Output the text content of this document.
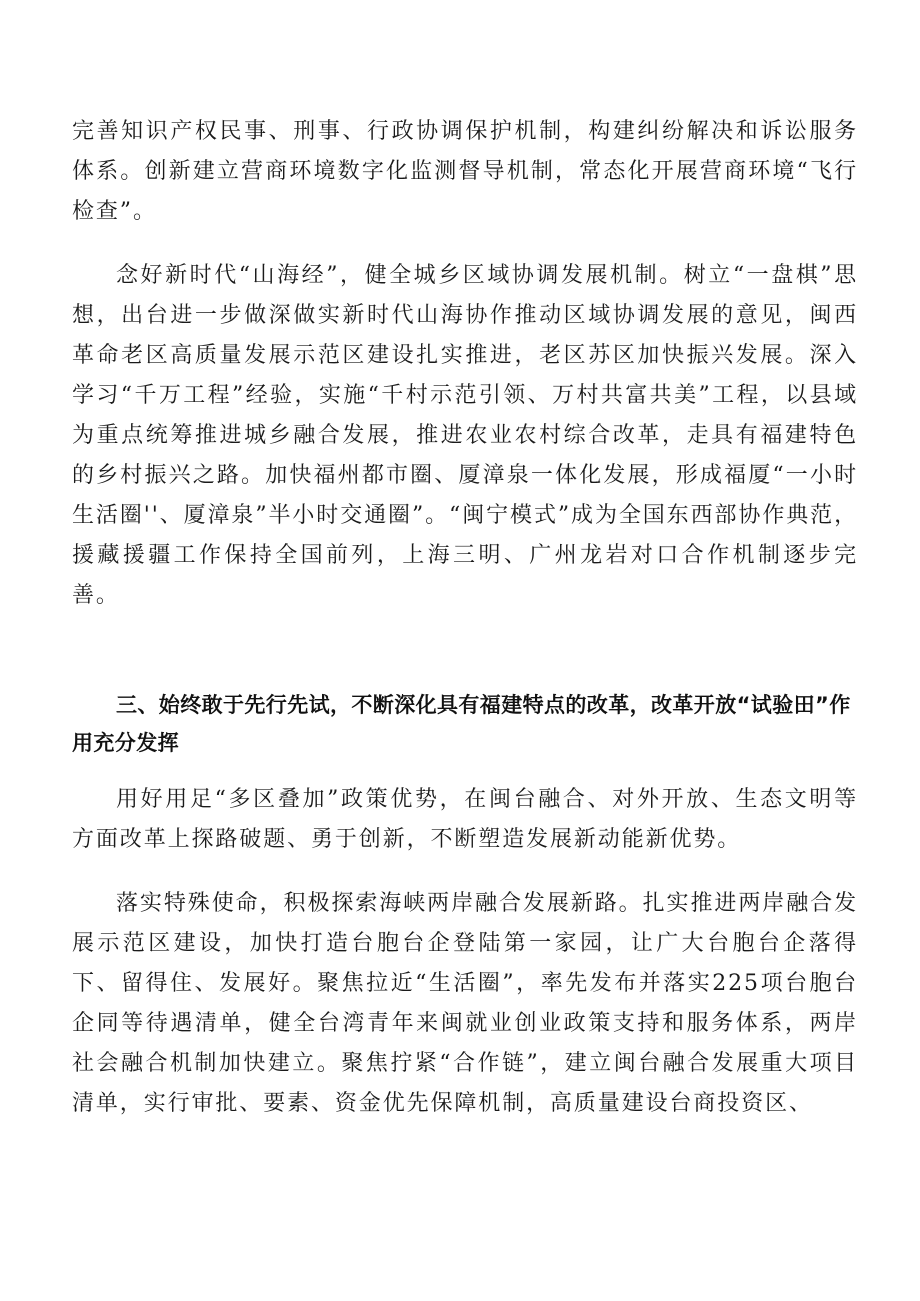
完善知识产权民事、刑事、行政协调保护机制，构建纠纷解决和诉讼服务体系。创新建立营商环境数字化监测督导机制，常态化开展营商环境“飞行检查”。

念好新时代“山海经”，健全城乡区域协调发展机制。树立“一盘棋”思想，出台进一步做深做实新时代山海协作推动区域协调发展的意见，闽西革命老区高质量发展示范区建设扎实推进，老区苏区加快振兴发展。深入学习“千万工程”经验，实施“千村示范引领、万村共富共美”工程，以县域为重点统筹推进城乡融合发展，推进农业农村综合改革，走具有福建特色的乡村振兴之路。加快福州都市圈、厦漳泉一体化发展，形成福厦“一小时生活圈''、厦漳泉”半小时交通圈”。“闽宁模式”成为全国东西部协作典范，援藏援疆工作保持全国前列，上海三明、广州龙岩对口合作机制逐步完善。

三、始终敢于先行先试，不断深化具有福建特点的改革，改革开放“试验田”作用充分发挥

用好用足“多区叠加”政策优势，在闽台融合、对外开放、生态文明等方面改革上探路破题、勇于创新，不断塑造发展新动能新优势。

落实特殊使命，积极探索海峡两岸融合发展新路。扎实推进两岸融合发展示范区建设，加快打造台胞台企登陆第一家园，让广大台胞台企落得下、留得住、发展好。聚焦拉近“生活圈”，率先发布并落实225项台胞台企同等待遇清单，健全台湾青年来闽就业创业政策支持和服务体系，两岸社会融合机制加快建立。聚焦拧紧“合作链”，建立闽台融合发展重大项目清单，实行审批、要素、资金优先保障机制，高质量建设台商投资区、
